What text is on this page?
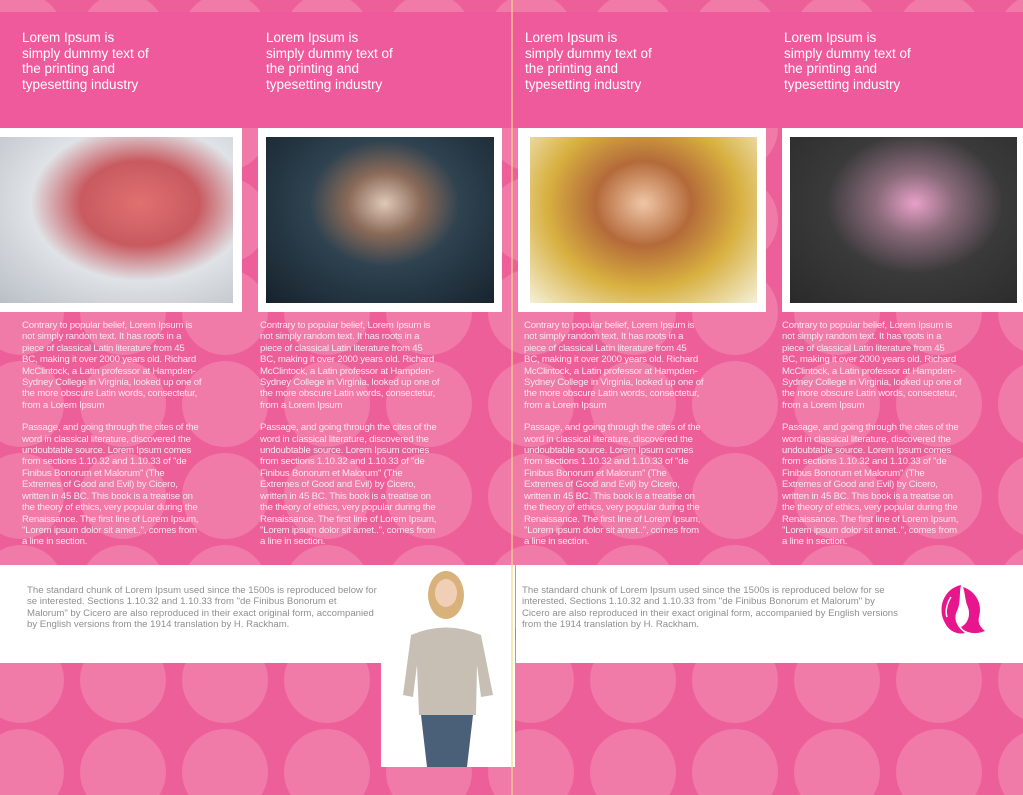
Lorem Ipsum is simply dummy text of the printing and typesetting industry
Lorem Ipsum is simply dummy text of the printing and typesetting industry
Lorem Ipsum is simply dummy text of the printing and typesetting industry
Lorem Ipsum is simply dummy text of the printing and typesetting industry

Contrary to popular belief, Lorem Ipsum is not simply random text. It has roots in a piece of classical Latin literature from 45 BC, making it over 2000 years old. Richard McClintock, a Latin professor at Hampden-Sydney College in Virginia, looked up one of the more obscure Latin words, consectetur, from a Lorem Ipsum

Passage, and going through the cites of the word in classical literature, discovered the undoubtable source. Lorem Ipsum comes from sections 1.10.32 and 1.10.33 of "de Finibus Bonorum et Malorum" (The Extremes of Good and Evil) by Cicero, written in 45 BC. This book is a treatise on the theory of ethics, very popular during the Renaissance. The first line of Lorem Ipsum, "Lorem ipsum dolor sit amet..", comes from a line in section.

Contrary to popular belief, Lorem Ipsum is not simply random text. It has roots in a piece of classical Latin literature from 45 BC, making it over 2000 years old. Richard McClintock, a Latin professor at Hampden-Sydney College in Virginia, looked up one of the more obscure Latin words, consectetur, from a Lorem Ipsum

Passage, and going through the cites of the word in classical literature, discovered the undoubtable source. Lorem Ipsum comes from sections 1.10.32 and 1.10.33 of "de Finibus Bonorum et Malorum" (The Extremes of Good and Evil) by Cicero, written in 45 BC. This book is a treatise on the theory of ethics, very popular during the Renaissance. The first line of Lorem Ipsum, "Lorem ipsum dolor sit amet..", comes from a line in section.

Contrary to popular belief, Lorem Ipsum is not simply random text. It has roots in a piece of classical Latin literature from 45 BC, making it over 2000 years old. Richard McClintock, a Latin professor at Hampden-Sydney College in Virginia, looked up one of the more obscure Latin words, consectetur, from a Lorem Ipsum

Passage, and going through the cites of the word in classical literature, discovered the undoubtable source. Lorem Ipsum comes from sections 1.10.32 and 1.10.33 of "de Finibus Bonorum et Malorum" (The Extremes of Good and Evil) by Cicero, written in 45 BC. This book is a treatise on the theory of ethics, very popular during the Renaissance. The first line of Lorem Ipsum, "Lorem ipsum dolor sit amet..", comes from a line in section.

Contrary to popular belief, Lorem Ipsum is not simply random text. It has roots in a piece of classical Latin literature from 45 BC, making it over 2000 years old. Richard McClintock, a Latin professor at Hampden-Sydney College in Virginia, looked up one of the more obscure Latin words, consectetur, from a Lorem Ipsum

Passage, and going through the cites of the word in classical literature, discovered the undoubtable source. Lorem Ipsum comes from sections 1.10.32 and 1.10.33 of "de Finibus Bonorum et Malorum" (The Extremes of Good and Evil) by Cicero, written in 45 BC. This book is a treatise on the theory of ethics, very popular during the Renaissance. The first line of Lorem Ipsum, "Lorem ipsum dolor sit amet..", comes from a line in section.

The standard chunk of Lorem Ipsum used since the 1500s is reproduced below for se interested. Sections 1.10.32 and 1.10.33 from "de Finibus Bonorum et Malorum" by Cicero are also reproduced in their exact original form, accompanied by English versions from the 1914 translation by H. Rackham.
The standard chunk of Lorem Ipsum used since the 1500s is reproduced below for se interested. Sections 1.10.32 and 1.10.33 from "de Finibus Bonorum et Malorum" by Cicero are also reproduced in their exact original form, accompanied by English versions from the 1914 translation by H. Rackham.
